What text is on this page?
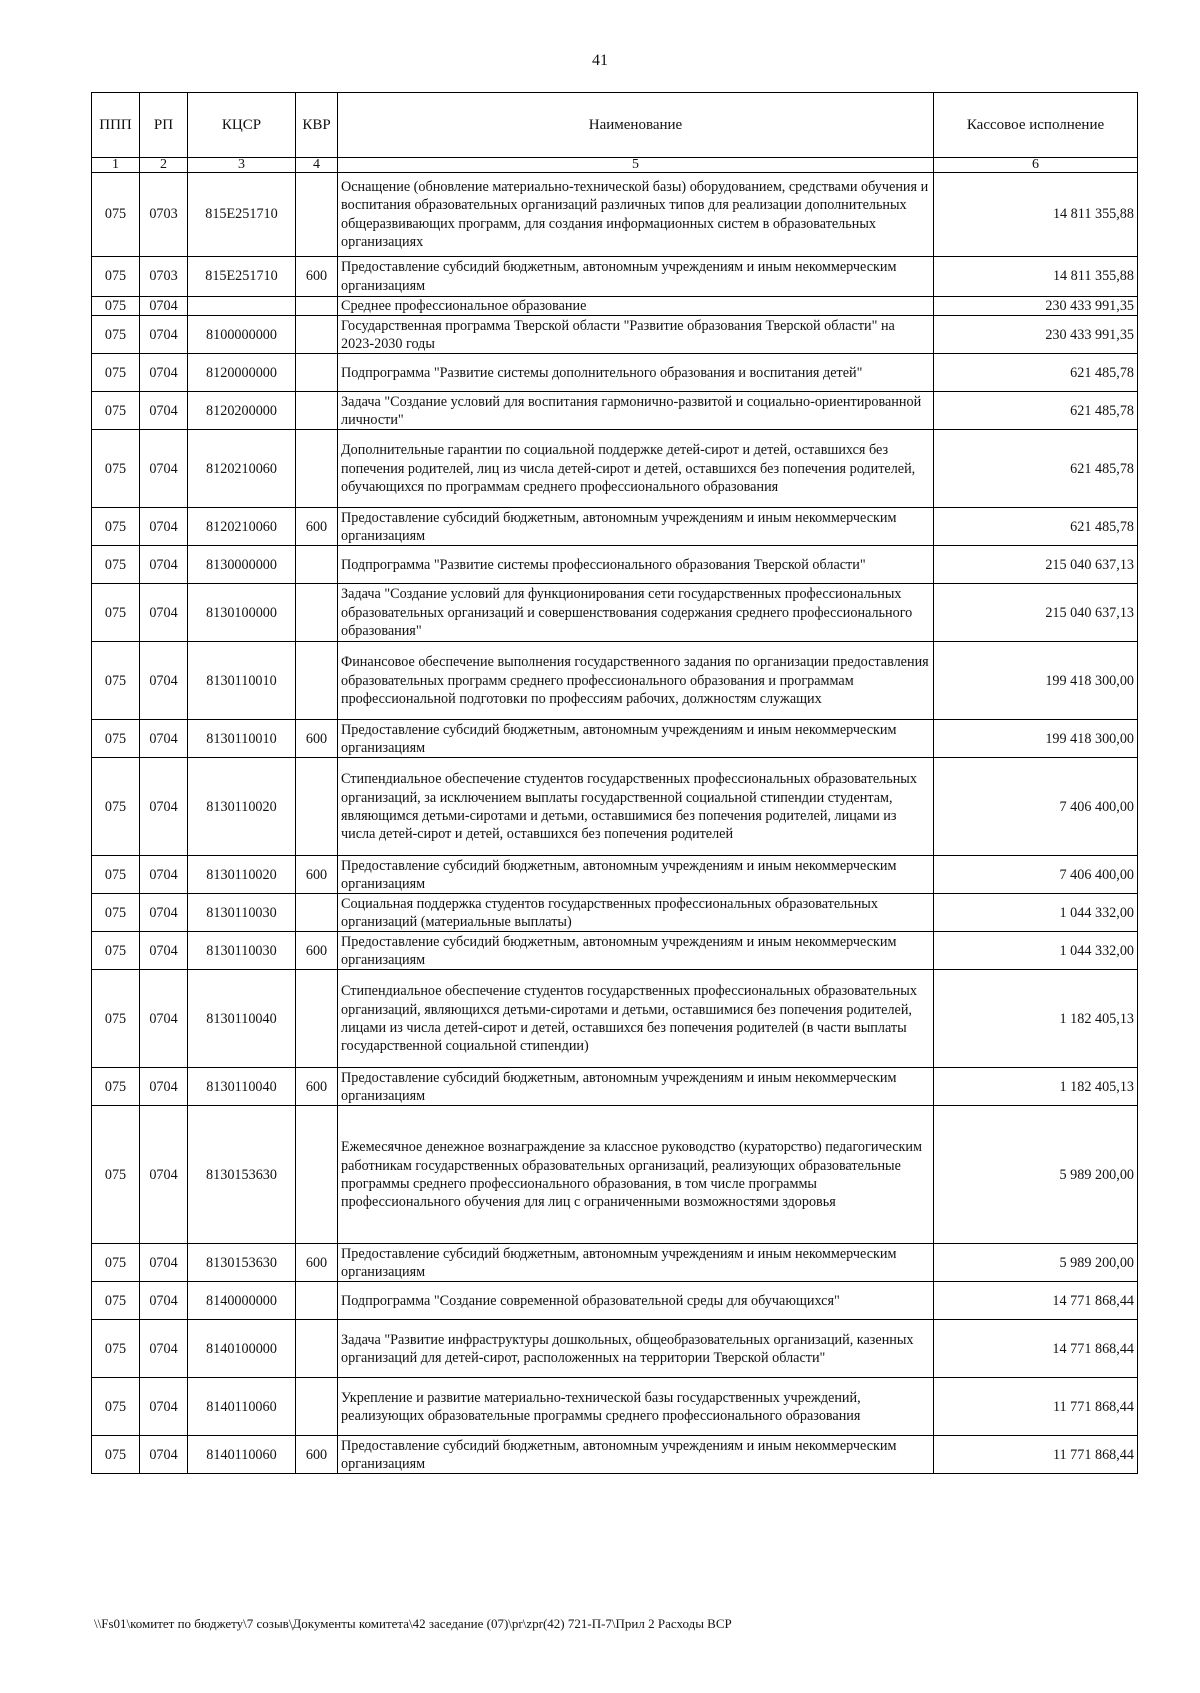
41
ППП	РП	КЦСР	КВР	Наименование	Кассовое исполнение
1	2	3	4	5	6
075	0703	815E251710		Оснащение (обновление материально-технической базы) оборудованием, средствами обучения и воспитания образовательных организаций различных типов для реализации дополнительных общеразвивающих программ, для создания информационных систем в образовательных организациях	14 811 355,88
075	0703	815E251710	600	Предоставление субсидий бюджетным, автономным учреждениям и иным некоммерческим организациям	14 811 355,88
075	0704			Среднее профессиональное образование	230 433 991,35
075	0704	8100000000		Государственная программа Тверской области "Развитие образования Тверской области" на 2023-2030 годы	230 433 991,35
075	0704	8120000000		Подпрограмма "Развитие системы дополнительного образования и воспитания детей"	621 485,78
075	0704	8120200000		Задача "Создание условий для воспитания гармонично-развитой и социально-ориентированной личности"	621 485,78
075	0704	8120210060		Дополнительные гарантии по социальной поддержке детей-сирот и детей, оставшихся без попечения родителей, лиц из числа детей-сирот и детей, оставшихся без попечения родителей, обучающихся по программам среднего профессионального образования	621 485,78
075	0704	8120210060	600	Предоставление субсидий бюджетным, автономным учреждениям и иным некоммерческим организациям	621 485,78
075	0704	8130000000		Подпрограмма "Развитие системы профессионального образования Тверской области"	215 040 637,13
075	0704	8130100000		Задача "Создание условий для функционирования сети государственных профессиональных образовательных организаций и совершенствования содержания среднего профессионального образования"	215 040 637,13
075	0704	8130110010		Финансовое обеспечение выполнения государственного задания по организации предоставления образовательных программ среднего профессионального образования и программам профессиональной подготовки по профессиям рабочих, должностям служащих	199 418 300,00
075	0704	8130110010	600	Предоставление субсидий бюджетным, автономным учреждениям и иным некоммерческим организациям	199 418 300,00
075	0704	8130110020		Стипендиальное обеспечение студентов государственных профессиональных образовательных организаций, за исключением выплаты государственной социальной стипендии студентам, являющимся детьми-сиротами и детьми, оставшимися без попечения родителей, лицами из числа детей-сирот и детей, оставшихся без попечения родителей	7 406 400,00
075	0704	8130110020	600	Предоставление субсидий бюджетным, автономным учреждениям и иным некоммерческим организациям	7 406 400,00
075	0704	8130110030		Социальная поддержка студентов государственных профессиональных образовательных организаций (материальные выплаты)	1 044 332,00
075	0704	8130110030	600	Предоставление субсидий бюджетным, автономным учреждениям и иным некоммерческим организациям	1 044 332,00
075	0704	8130110040		Стипендиальное обеспечение студентов государственных профессиональных образовательных организаций, являющихся детьми-сиротами и детьми, оставшимися без попечения родителей, лицами из числа детей-сирот и детей, оставшихся без попечения родителей (в части выплаты государственной социальной стипендии)	1 182 405,13
075	0704	8130110040	600	Предоставление субсидий бюджетным, автономным учреждениям и иным некоммерческим организациям	1 182 405,13
075	0704	8130153630		Ежемесячное денежное вознаграждение за классное руководство (кураторство) педагогическим работникам государственных образовательных организаций, реализующих образовательные программы среднего профессионального образования, в том числе программы профессионального обучения для лиц с ограниченными возможностями здоровья	5 989 200,00
075	0704	8130153630	600	Предоставление субсидий бюджетным, автономным учреждениям и иным некоммерческим организациям	5 989 200,00
075	0704	8140000000		Подпрограмма "Создание современной образовательной среды для обучающихся"	14 771 868,44
075	0704	8140100000		Задача "Развитие инфраструктуры дошкольных, общеобразовательных организаций, казенных организаций для детей-сирот, расположенных на территории Тверской области"	14 771 868,44
075	0704	8140110060		Укрепление и развитие материально-технической базы государственных учреждений, реализующих образовательные программы среднего профессионального образования	11 771 868,44
075	0704	8140110060	600	Предоставление субсидий бюджетным, автономным учреждениям и иным некоммерческим организациям	11 771 868,44
\\Fs01\комитет по бюджету\7 созыв\Документы комитета\42 заседание (07)\pr\zpr(42) 721-П-7\Прил 2 Расходы ВСР
